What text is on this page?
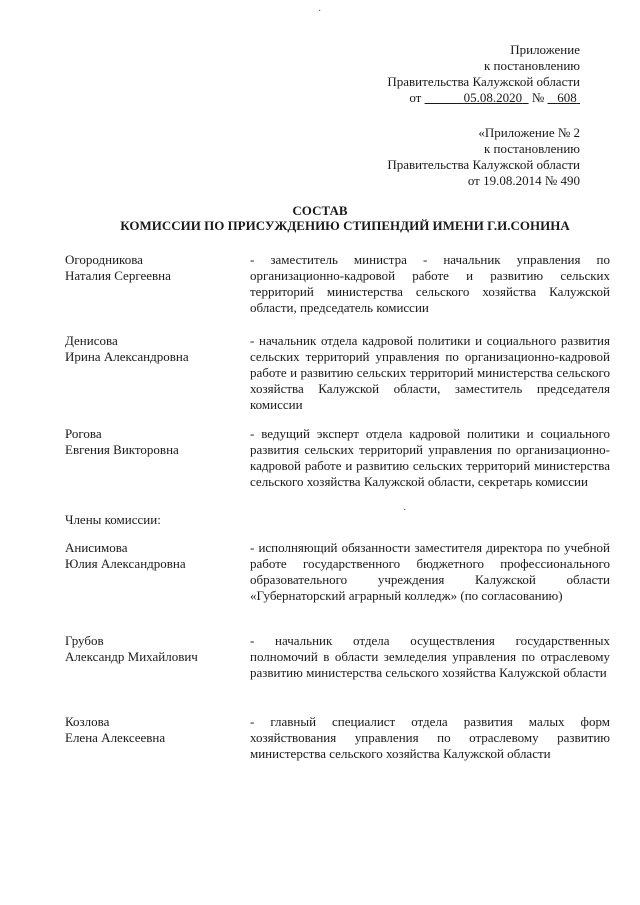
Приложение
к постановлению
Правительства Калужской области
от	05.08.2020 № 608
«Приложение № 2
к постановлению
Правительства Калужской области
от 19.08.2014 № 490
СОСТАВ
КОМИССИИ ПО ПРИСУЖДЕНИЮ СТИПЕНДИЙ ИМЕНИ Г.И.СОНИНА
Огородникова
Наталия Сергеевна
- заместитель министра - начальник управления по организационно-кадровой работе и развитию сельских территорий министерства сельского хозяйства Калужской области, председатель комиссии
Денисова
Ирина Александровна
- начальник отдела кадровой политики и социального развития сельских территорий управления по организационно-кадровой работе и развитию сельских территорий министерства сельского хозяйства Калужской области, заместитель председателя комиссии
Рогова
Евгения Викторовна
- ведущий эксперт отдела кадровой политики и социального развития сельских территорий управления по организационно-кадровой работе и развитию сельских территорий министерства сельского хозяйства Калужской области, секретарь комиссии
Члены комиссии:
Анисимова
Юлия Александровна
- исполняющий обязанности заместителя директора по учебной работе государственного бюджетного профессионального образовательного учреждения Калужской области «Губернаторский аграрный колледж» (по согласованию)
Грубов
Александр Михайлович
- начальник отдела осуществления государственных полномочий в области земледелия управления по отраслевому развитию министерства сельского хозяйства Калужской области
Козлова
Елена Алексеевна
- главный специалист отдела развития малых форм хозяйствования управления по отраслевому развитию министерства сельского хозяйства Калужской области
·
·
